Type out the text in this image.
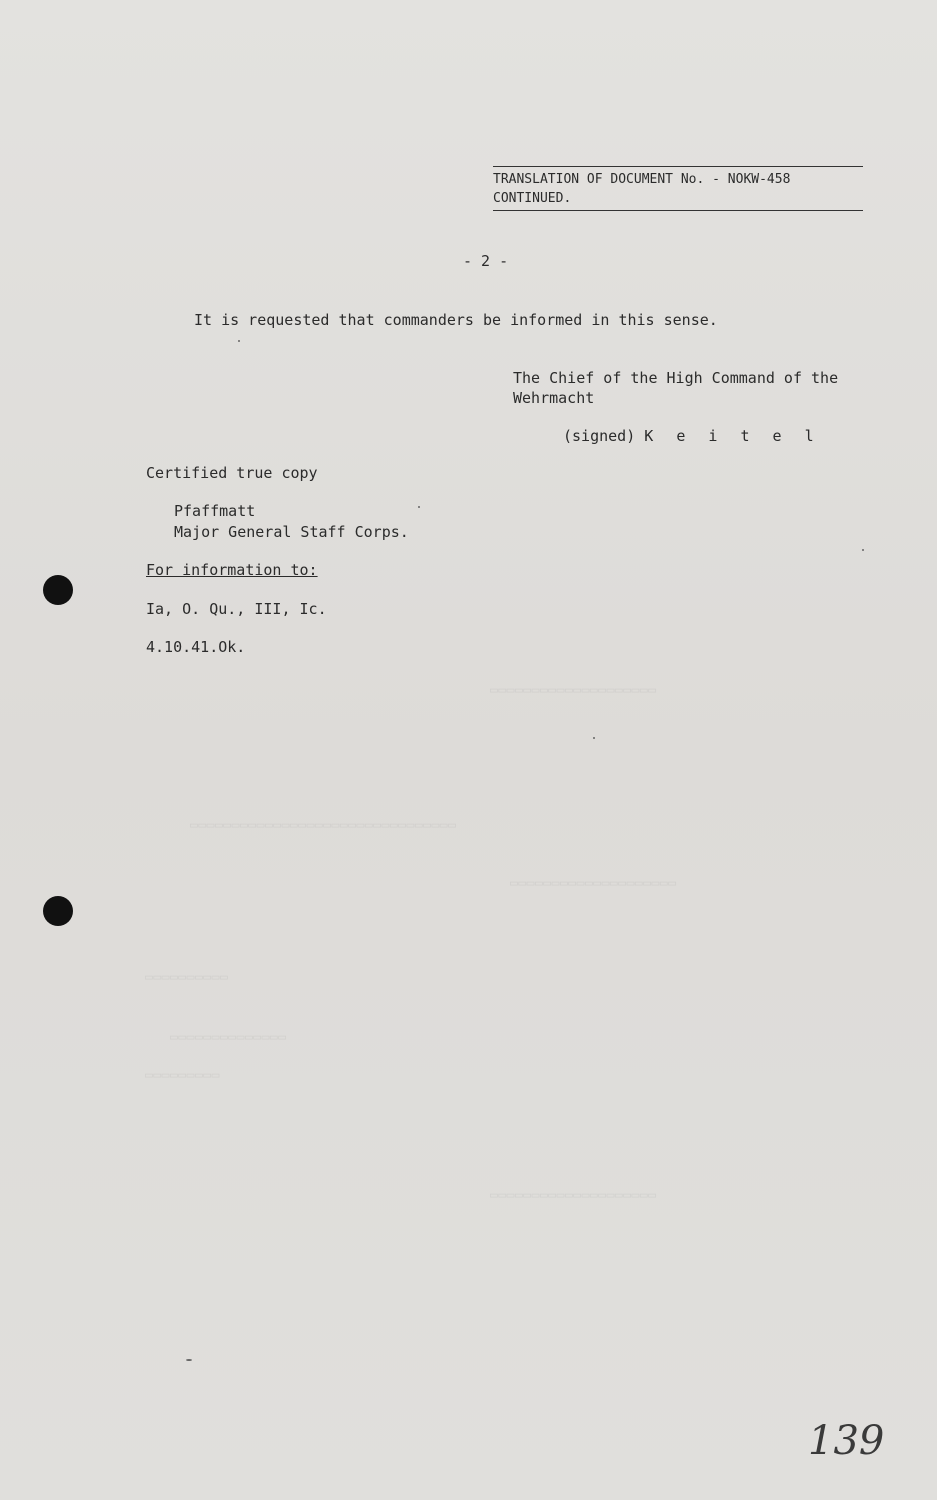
▭▭▭▭▭▭▭▭▭▭▭▭▭▭▭▭▭▭▭▭
▭▭▭▭▭▭▭▭▭▭▭▭▭▭▭▭▭▭▭▭▭▭▭▭▭▭▭▭▭▭▭▭
▭▭▭▭▭▭▭▭▭▭▭▭▭▭▭▭▭▭▭▭
▭▭▭▭▭▭▭▭▭▭
▭▭▭▭▭▭▭▭▭▭▭▭▭▭
▭▭▭▭▭▭▭▭▭
▭▭▭▭▭▭▭▭▭▭▭▭▭▭▭▭▭▭▭▭
TRANSLATION OF DOCUMENT No. - NOKW-458
CONTINUED.
- 2 -
It is requested that commanders be informed in this sense.
The Chief of the High Command of the
Wehrmacht
(signed) K e i t e l
Certified true copy
Pfaffmatt
Major General Staff Corps.
For information to:
Ia, O. Qu., III, Ic.
4.10.41.Ok.
139
